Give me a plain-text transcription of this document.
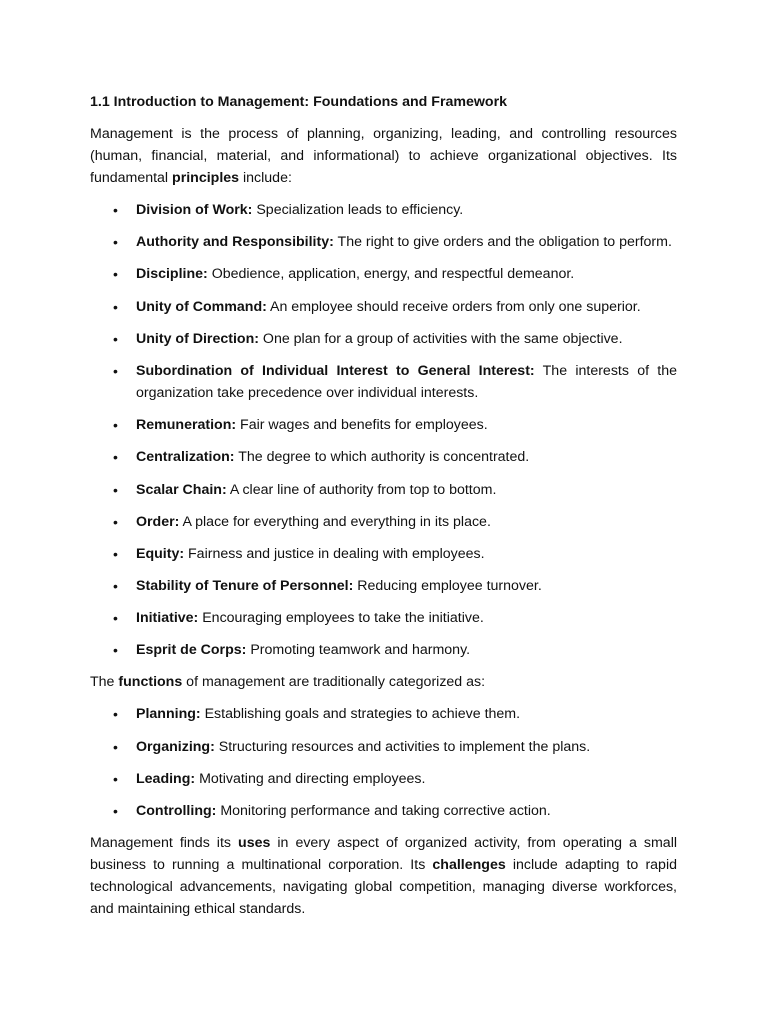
1.1 Introduction to Management: Foundations and Framework

Management is the process of planning, organizing, leading, and controlling resources (human, financial, material, and informational) to achieve organizational objectives. Its fundamental principles include:

• Division of Work: Specialization leads to efficiency.
• Authority and Responsibility: The right to give orders and the obligation to perform.
• Discipline: Obedience, application, energy, and respectful demeanor.
• Unity of Command: An employee should receive orders from only one superior.
• Unity of Direction: One plan for a group of activities with the same objective.
• Subordination of Individual Interest to General Interest: The interests of the organization take precedence over individual interests.
• Remuneration: Fair wages and benefits for employees.
• Centralization: The degree to which authority is concentrated.
• Scalar Chain: A clear line of authority from top to bottom.
• Order: A place for everything and everything in its place.
• Equity: Fairness and justice in dealing with employees.
• Stability of Tenure of Personnel: Reducing employee turnover.
• Initiative: Encouraging employees to take the initiative.
• Esprit de Corps: Promoting teamwork and harmony.

The functions of management are traditionally categorized as:

• Planning: Establishing goals and strategies to achieve them.
• Organizing: Structuring resources and activities to implement the plans.
• Leading: Motivating and directing employees.
• Controlling: Monitoring performance and taking corrective action.

Management finds its uses in every aspect of organized activity, from operating a small business to running a multinational corporation. Its challenges include adapting to rapid technological advancements, navigating global competition, managing diverse workforces, and maintaining ethical standards.
